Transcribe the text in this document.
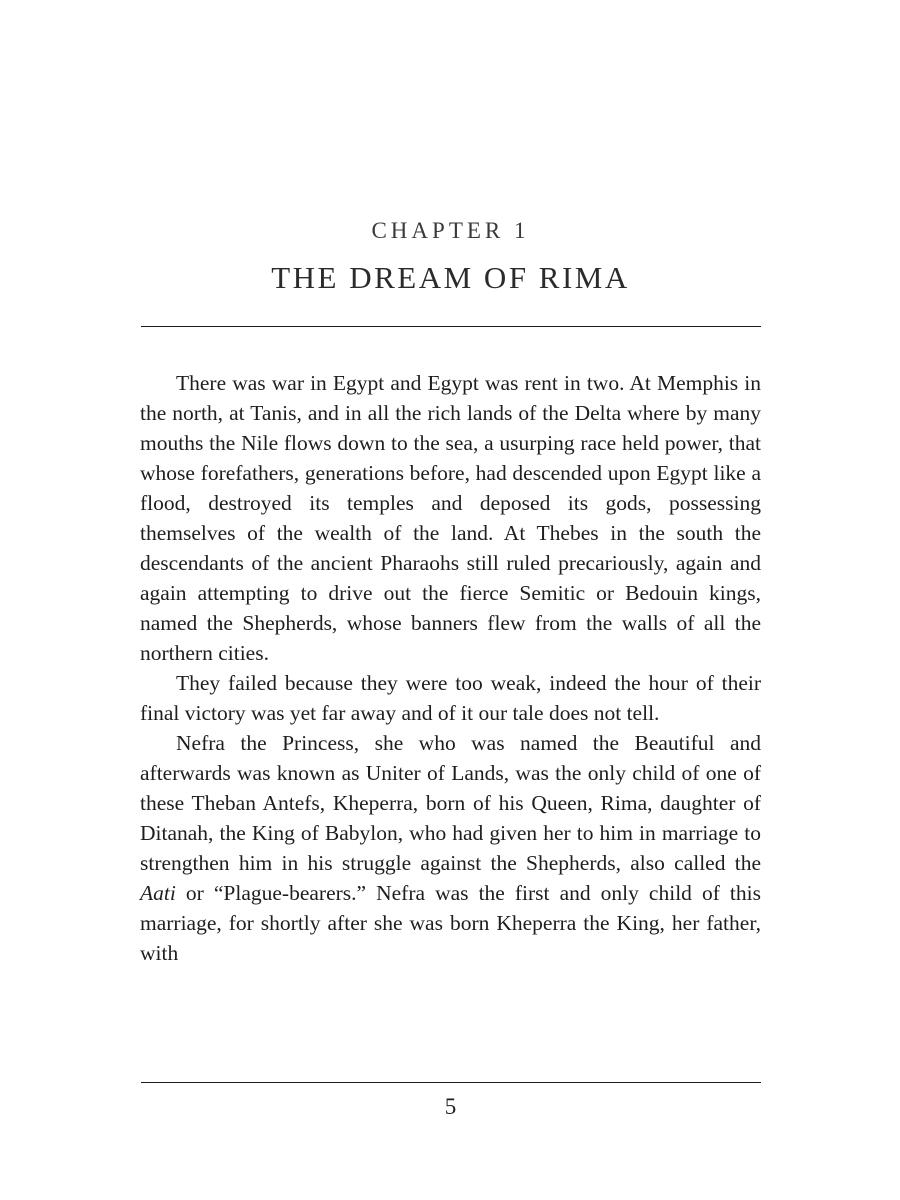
CHAPTER 1
THE DREAM OF RIMA

There was war in Egypt and Egypt was rent in two. At Memphis in the north, at Tanis, and in all the rich lands of the Delta where by many mouths the Nile flows down to the sea, a usurping race held power, that whose forefathers, generations before, had descended upon Egypt like a flood, destroyed its temples and deposed its gods, possessing themselves of the wealth of the land. At Thebes in the south the descendants of the ancient Pharaohs still ruled precariously, again and again attempting to drive out the fierce Semitic or Bedouin kings, named the Shepherds, whose banners flew from the walls of all the northern cities.

They failed because they were too weak, indeed the hour of their final victory was yet far away and of it our tale does not tell.

Nefra the Princess, she who was named the Beautiful and afterwards was known as Uniter of Lands, was the only child of one of these Theban Antefs, Kheperra, born of his Queen, Rima, daughter of Ditanah, the King of Babylon, who had given her to him in marriage to strengthen him in his struggle against the Shepherds, also called the Aati or “Plague-bearers.” Nefra was the first and only child of this marriage, for shortly after she was born Kheperra the King, her father, with

5
